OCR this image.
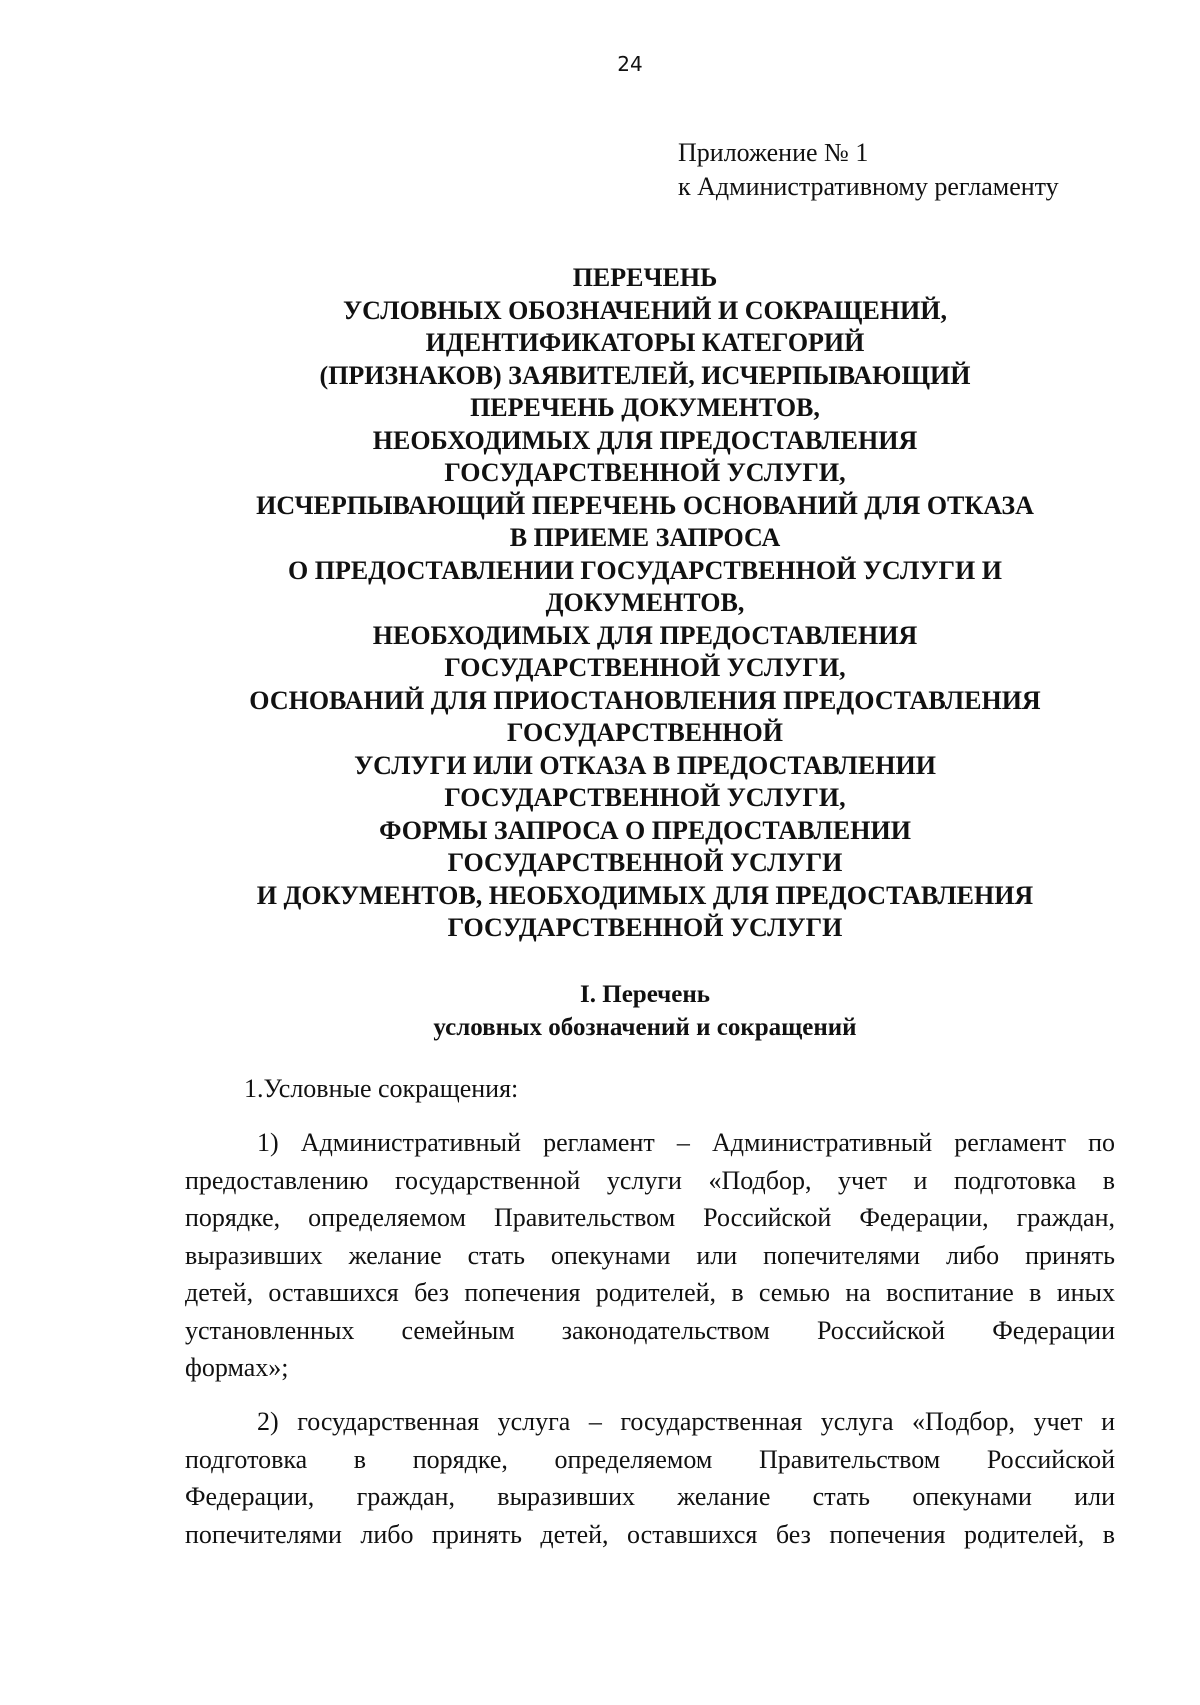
24
Приложение № 1
к Административному регламенту
ПЕРЕЧЕНЬ
УСЛОВНЫХ ОБОЗНАЧЕНИЙ И СОКРАЩЕНИЙ,
ИДЕНТИФИКАТОРЫ КАТЕГОРИЙ
(ПРИЗНАКОВ) ЗАЯВИТЕЛЕЙ, ИСЧЕРПЫВАЮЩИЙ
ПЕРЕЧЕНЬ ДОКУМЕНТОВ,
НЕОБХОДИМЫХ ДЛЯ ПРЕДОСТАВЛЕНИЯ
ГОСУДАРСТВЕННОЙ УСЛУГИ,
ИСЧЕРПЫВАЮЩИЙ ПЕРЕЧЕНЬ ОСНОВАНИЙ ДЛЯ ОТКАЗА
В ПРИЕМЕ ЗАПРОСА
О ПРЕДОСТАВЛЕНИИ ГОСУДАРСТВЕННОЙ УСЛУГИ И
ДОКУМЕНТОВ,
НЕОБХОДИМЫХ ДЛЯ ПРЕДОСТАВЛЕНИЯ
ГОСУДАРСТВЕННОЙ УСЛУГИ,
ОСНОВАНИЙ ДЛЯ ПРИОСТАНОВЛЕНИЯ ПРЕДОСТАВЛЕНИЯ
ГОСУДАРСТВЕННОЙ
УСЛУГИ ИЛИ ОТКАЗА В ПРЕДОСТАВЛЕНИИ
ГОСУДАРСТВЕННОЙ УСЛУГИ,
ФОРМЫ ЗАПРОСА О ПРЕДОСТАВЛЕНИИ
ГОСУДАРСТВЕННОЙ УСЛУГИ
И ДОКУМЕНТОВ, НЕОБХОДИМЫХ ДЛЯ ПРЕДОСТАВЛЕНИЯ
ГОСУДАРСТВЕННОЙ УСЛУГИ
I. Перечень
условных обозначений и сокращений
1.Условные сокращения:
1) Административный регламент – Административный регламент по
предоставлению государственной услуги «Подбор, учет и подготовка в
порядке, определяемом Правительством Российской Федерации, граждан,
выразивших желание стать опекунами или попечителями либо принять
детей, оставшихся без попечения родителей, в семью на воспитание в иных
установленных семейным законодательством Российской Федерации
формах»;
2) государственная услуга – государственная услуга «Подбор, учет и
подготовка в порядке, определяемом Правительством Российской
Федерации, граждан, выразивших желание стать опекунами или
попечителями либо принять детей, оставшихся без попечения родителей, в
